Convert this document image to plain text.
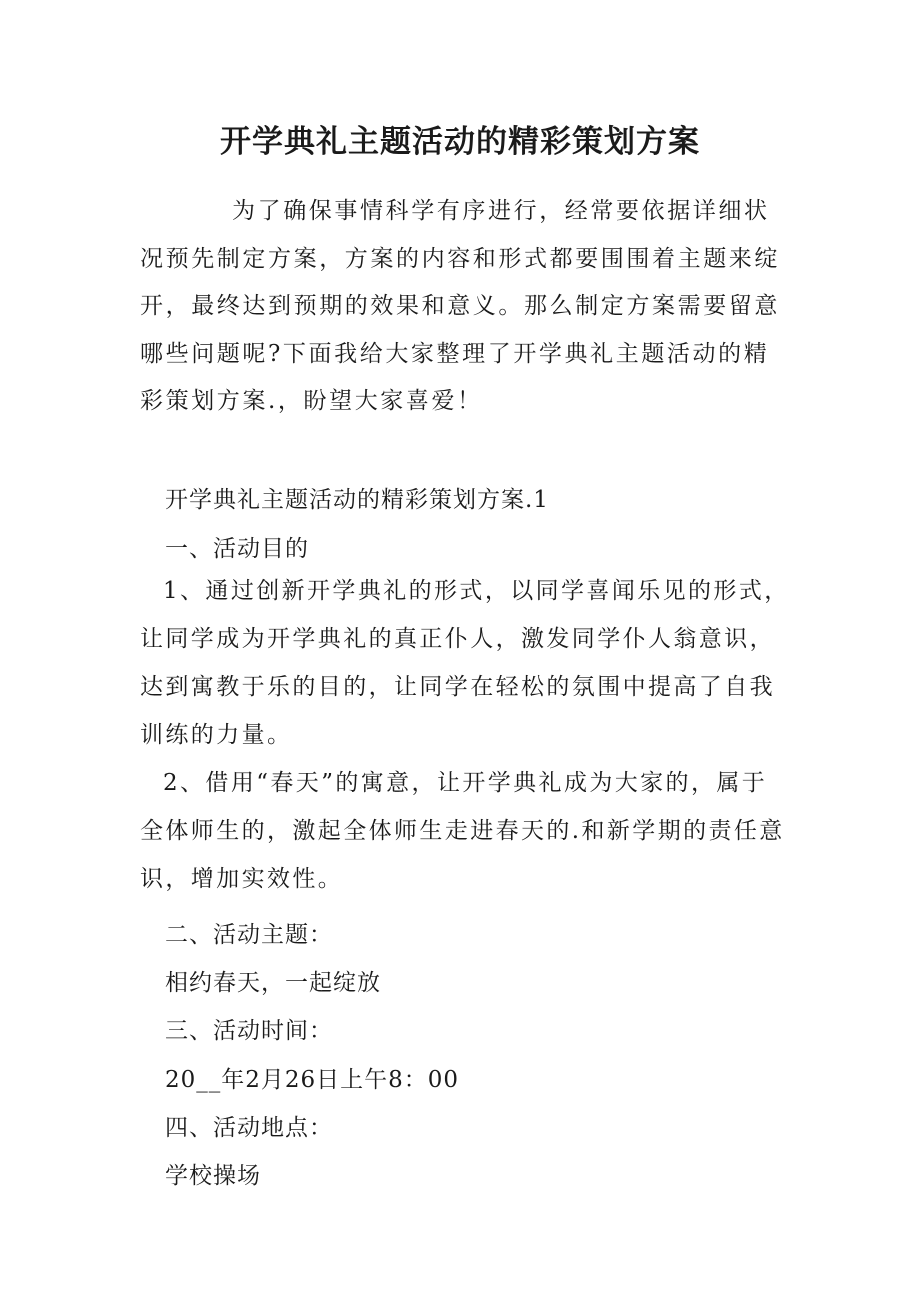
开学典礼主题活动的精彩策划方案

为了确保事情科学有序进行，经常要依据详细状况预先制定方案，方案的内容和形式都要围围着主题来绽开，最终达到预期的效果和意义。那么制定方案需要留意哪些问题呢?下面我给大家整理了开学典礼主题活动的精彩策划方案.，盼望大家喜爱！

开学典礼主题活动的精彩策划方案.1

一、活动目的

1、通过创新开学典礼的形式，以同学喜闻乐见的形式，让同学成为开学典礼的真正仆人，激发同学仆人翁意识，达到寓教于乐的目的，让同学在轻松的氛围中提高了自我训练的力量。

2、借用“春天”的寓意，让开学典礼成为大家的，属于全体师生的，激起全体师生走进春天的.和新学期的责任意识，增加实效性。

二、活动主题：

相约春天，一起绽放

三、活动时间：

20__年2月26日上午8：00

四、活动地点：

学校操场
